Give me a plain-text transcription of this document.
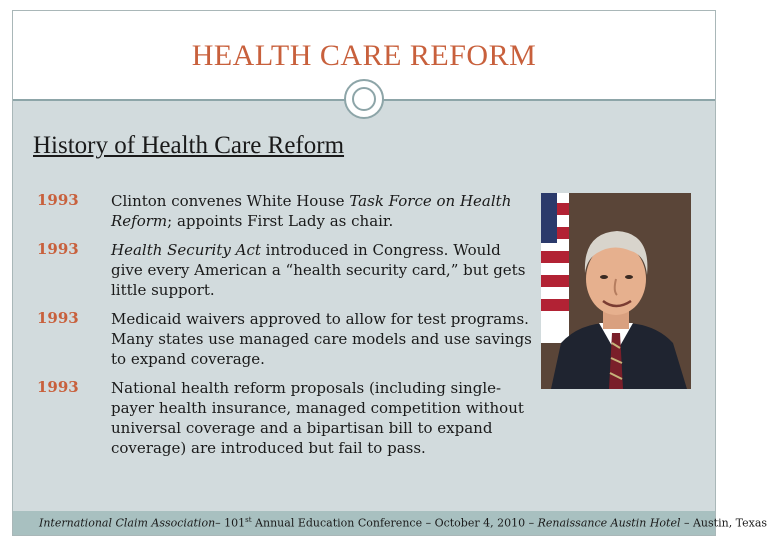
HEALTH CARE REFORM
History of Health Care Reform
1993 Clinton convenes White House Task Force on Health Reform; appoints First Lady as chair.
1993 Health Security Act introduced in Congress. Would give every American a “health security card,” but gets little support.
1993 Medicaid waivers approved to allow for test programs. Many states use managed care models and use savings to expand coverage.
1993 National health reform proposals (including single-payer health insurance, managed competition without universal coverage and a bipartisan bill to expand coverage) are introduced but fail to pass.
International Claim Association– 101st Annual Education Conference – October 4, 2010 – Renaissance Austin Hotel – Austin, Texas
